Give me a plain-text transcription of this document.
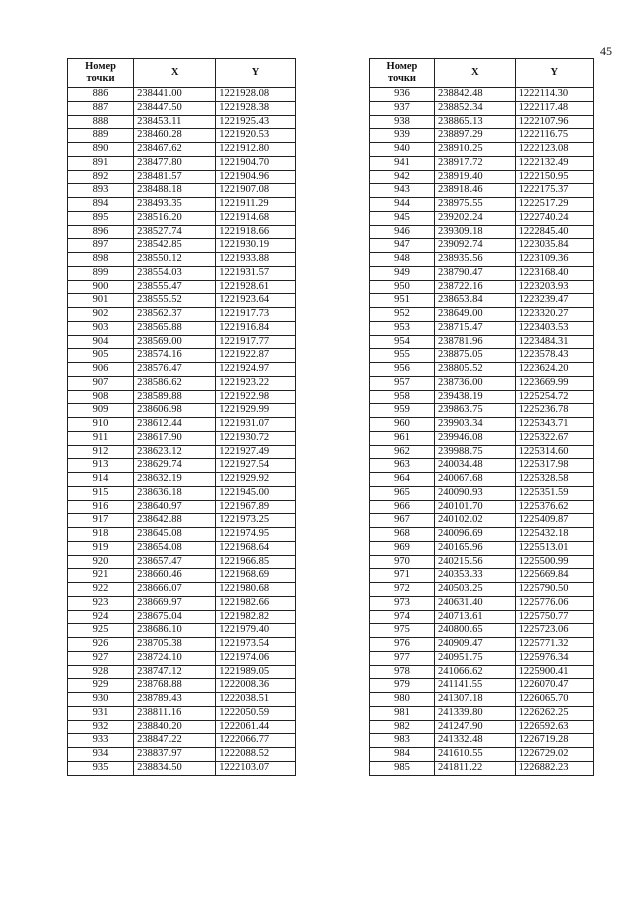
45
Номер
точки	X	Y
886	238441.00	1221928.08
887	238447.50	1221928.38
888	238453.11	1221925.43
889	238460.28	1221920.53
890	238467.62	1221912.80
891	238477.80	1221904.70
892	238481.57	1221904.96
893	238488.18	1221907.08
894	238493.35	1221911.29
895	238516.20	1221914.68
896	238527.74	1221918.66
897	238542.85	1221930.19
898	238550.12	1221933.88
899	238554.03	1221931.57
900	238555.47	1221928.61
901	238555.52	1221923.64
902	238562.37	1221917.73
903	238565.88	1221916.84
904	238569.00	1221917.77
905	238574.16	1221922.87
906	238576.47	1221924.97
907	238586.62	1221923.22
908	238589.88	1221922.98
909	238606.98	1221929.99
910	238612.44	1221931.07
911	238617.90	1221930.72
912	238623.12	1221927.49
913	238629.74	1221927.54
914	238632.19	1221929.92
915	238636.18	1221945.00
916	238640.97	1221967.89
917	238642.88	1221973.25
918	238645.08	1221974.95
919	238654.08	1221968.64
920	238657.47	1221966.85
921	238660.46	1221968.69
922	238666.07	1221980.68
923	238669.97	1221982.66
924	238675.04	1221982.82
925	238686.10	1221979.40
926	238705.38	1221973.54
927	238724.10	1221974.06
928	238747.12	1221989.05
929	238768.88	1222008.36
930	238789.43	1222038.51
931	238811.16	1222050.59
932	238840.20	1222061.44
933	238847.22	1222066.77
934	238837.97	1222088.52
935	238834.50	1222103.07
Номер
точки	X	Y
936	238842.48	1222114.30
937	238852.34	1222117.48
938	238865.13	1222107.96
939	238897.29	1222116.75
940	238910.25	1222123.08
941	238917.72	1222132.49
942	238919.40	1222150.95
943	238918.46	1222175.37
944	238975.55	1222517.29
945	239202.24	1222740.24
946	239309.18	1222845.40
947	239092.74	1223035.84
948	238935.56	1223109.36
949	238790.47	1223168.40
950	238722.16	1223203.93
951	238653.84	1223239.47
952	238649.00	1223320.27
953	238715.47	1223403.53
954	238781.96	1223484.31
955	238875.05	1223578.43
956	238805.52	1223624.20
957	238736.00	1223669.99
958	239438.19	1225254.72
959	239863.75	1225236.78
960	239903.34	1225343.71
961	239946.08	1225322.67
962	239988.75	1225314.60
963	240034.48	1225317.98
964	240067.68	1225328.58
965	240090.93	1225351.59
966	240101.70	1225376.62
967	240102.02	1225409.87
968	240096.69	1225432.18
969	240165.96	1225513.01
970	240215.56	1225500.99
971	240353.33	1225669.84
972	240503.25	1225790.50
973	240631.40	1225776.06
974	240713.61	1225750.77
975	240800.65	1225723.06
976	240909.47	1225771.32
977	240951.75	1225976.34
978	241066.62	1225900.41
979	241141.55	1226070.47
980	241307.18	1226065.70
981	241339.80	1226262.25
982	241247.90	1226592.63
983	241332.48	1226719.28
984	241610.55	1226729.02
985	241811.22	1226882.23
